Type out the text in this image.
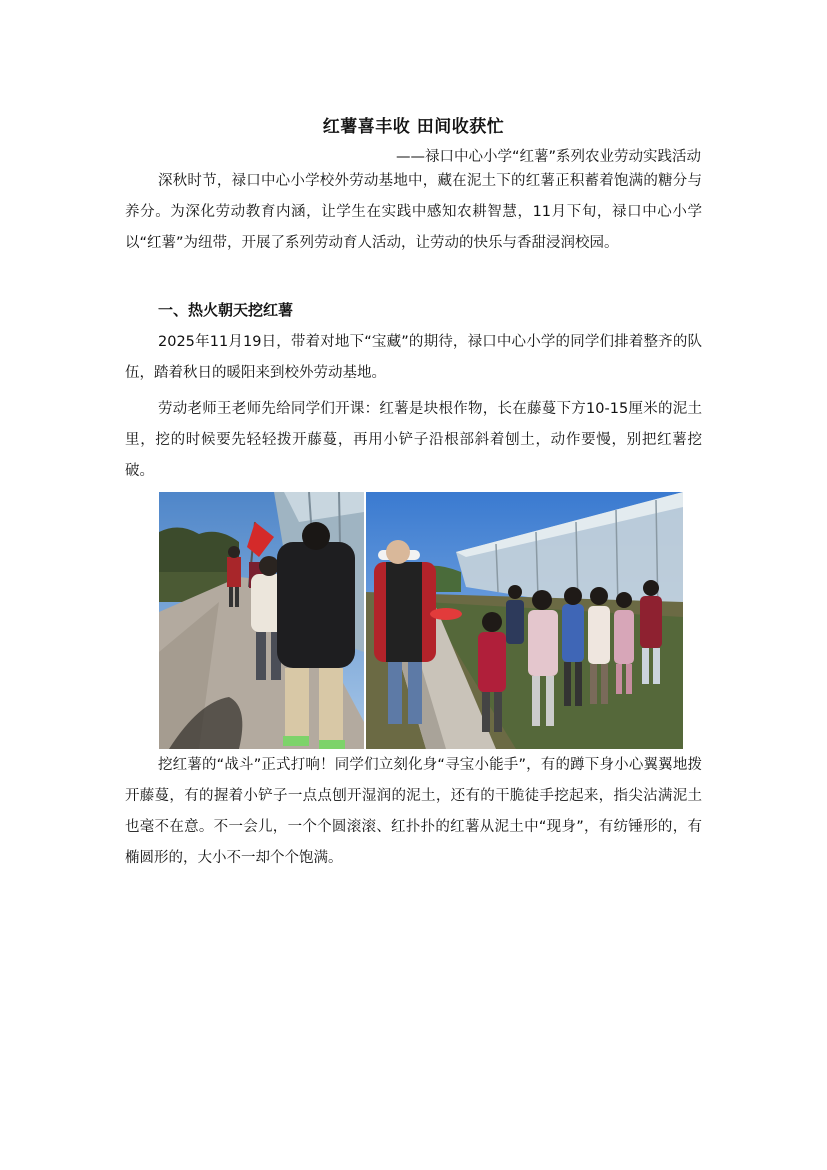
红薯喜丰收 田间收获忙
——禄口中心小学“红薯”系列农业劳动实践活动

深秋时节，禄口中心小学校外劳动基地中，藏在泥土下的红薯正积蓄着饱满的糖分与养分。为深化劳动教育内涵，让学生在实践中感知农耕智慧，11月下旬，禄口中心小学以“红薯”为纽带，开展了系列劳动育人活动，让劳动的快乐与香甜浸润校园。

一、热火朝天挖红薯

2025年11月19日，带着对地下“宝藏”的期待，禄口中心小学的同学们排着整齐的队伍，踏着秋日的暖阳来到校外劳动基地。

劳动老师王老师先给同学们开课：红薯是块根作物，长在藤蔓下方10-15厘米的泥土里，挖的时候要先轻轻拨开藤蔓，再用小铲子沿根部斜着刨土，动作要慢，别把红薯挖破。

挖红薯的“战斗”正式打响！同学们立刻化身“寻宝小能手”，有的蹲下身小心翼翼地拨开藤蔓，有的握着小铲子一点点刨开湿润的泥土，还有的干脆徒手挖起来，指尖沾满泥土也毫不在意。不一会儿，一个个圆滚滚、红扑扑的红薯从泥土中“现身”，有纺锤形的，有椭圆形的，大小不一却个个饱满。
